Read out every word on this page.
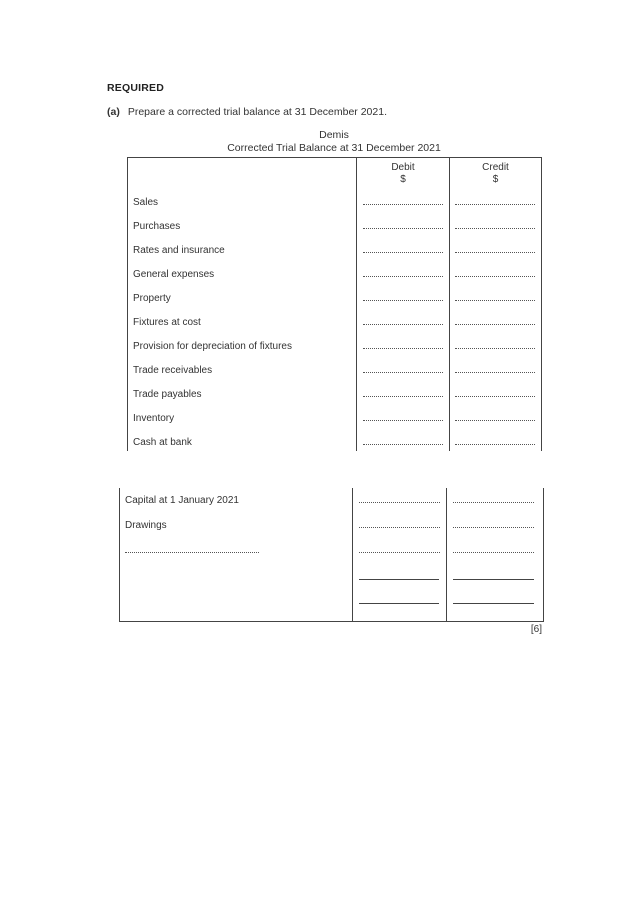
REQUIRED
(a) Prepare a corrected trial balance at 31 December 2021.
Demis
Corrected Trial Balance at 31 December 2021
Debit
$
Credit
$
Sales
Purchases
Rates and insurance
General expenses
Property
Fixtures at cost
Provision for depreciation of fixtures
Trade receivables
Trade payables
Inventory
Cash at bank
Capital at 1 January 2021
Drawings
[6]
